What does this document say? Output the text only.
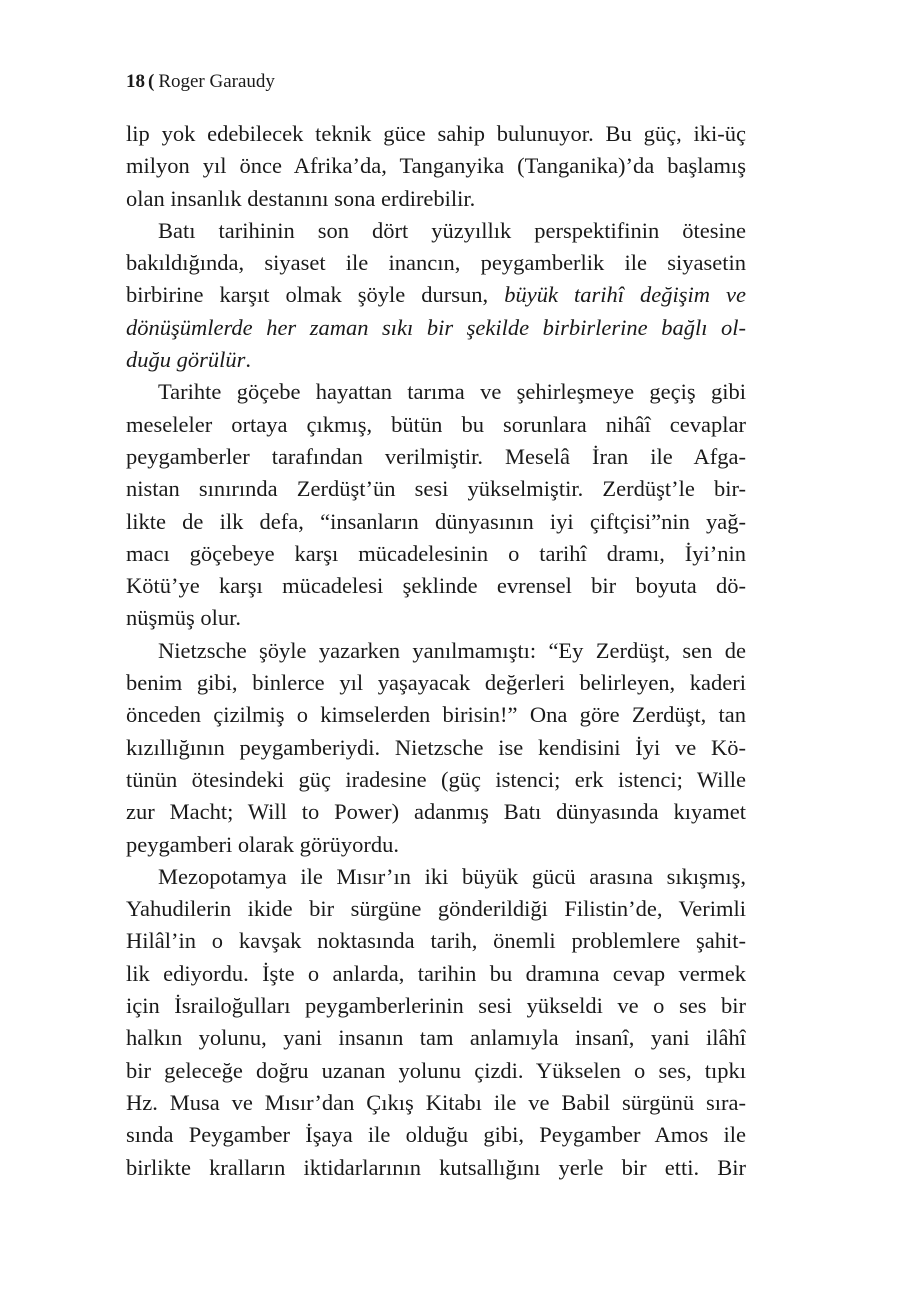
18 ( Roger Garaudy
lip yok edebilecek teknik güce sahip bulunuyor. Bu güç, iki-üç
milyon yıl önce Afrika’da, Tanganyika (Tanganika)’da başlamış
olan insanlık destanını sona erdirebilir.
Batı tarihinin son dört yüzyıllık perspektifinin ötesine
bakıldığında, siyaset ile inancın, peygamberlik ile siyasetin
birbirine karşıt olmak şöyle dursun, büyük tarihî değişim ve
dönüşümlerde her zaman sıkı bir şekilde birbirlerine bağlı ol-
duğu görülür.
Tarihte göçebe hayattan tarıma ve şehirleşmeye geçiş gibi
meseleler ortaya çıkmış, bütün bu sorunlara nihâî cevaplar
peygamberler tarafından verilmiştir. Meselâ İran ile Afga-
nistan sınırında Zerdüşt’ün sesi yükselmiştir. Zerdüşt’le bir-
likte de ilk defa, “insanların dünyasının iyi çiftçisi”nin yağ-
macı göçebeye karşı mücadelesinin o tarihî dramı, İyi’nin
Kötü’ye karşı mücadelesi şeklinde evrensel bir boyuta dö-
nüşmüş olur.
Nietzsche şöyle yazarken yanılmamıştı: “Ey Zerdüşt, sen de
benim gibi, binlerce yıl yaşayacak değerleri belirleyen, kaderi
önceden çizilmiş o kimselerden birisin!” Ona göre Zerdüşt, tan
kızıllığının peygamberiydi. Nietzsche ise kendisini İyi ve Kö-
tünün ötesindeki güç iradesine (güç istenci; erk istenci; Wille
zur Macht; Will to Power) adanmış Batı dünyasında kıyamet
peygamberi olarak görüyordu.
Mezopotamya ile Mısır’ın iki büyük gücü arasına sıkışmış,
Yahudilerin ikide bir sürgüne gönderildiği Filistin’de, Verimli
Hilâl’in o kavşak noktasında tarih, önemli problemlere şahit-
lik ediyordu. İşte o anlarda, tarihin bu dramına cevap vermek
için İsrailoğulları peygamberlerinin sesi yükseldi ve o ses bir
halkın yolunu, yani insanın tam anlamıyla insanî, yani ilâhî
bir geleceğe doğru uzanan yolunu çizdi. Yükselen o ses, tıpkı
Hz. Musa ve Mısır’dan Çıkış Kitabı ile ve Babil sürgünü sıra-
sında Peygamber İşaya ile olduğu gibi, Peygamber Amos ile
birlikte kralların iktidarlarının kutsallığını yerle bir etti. Bir
